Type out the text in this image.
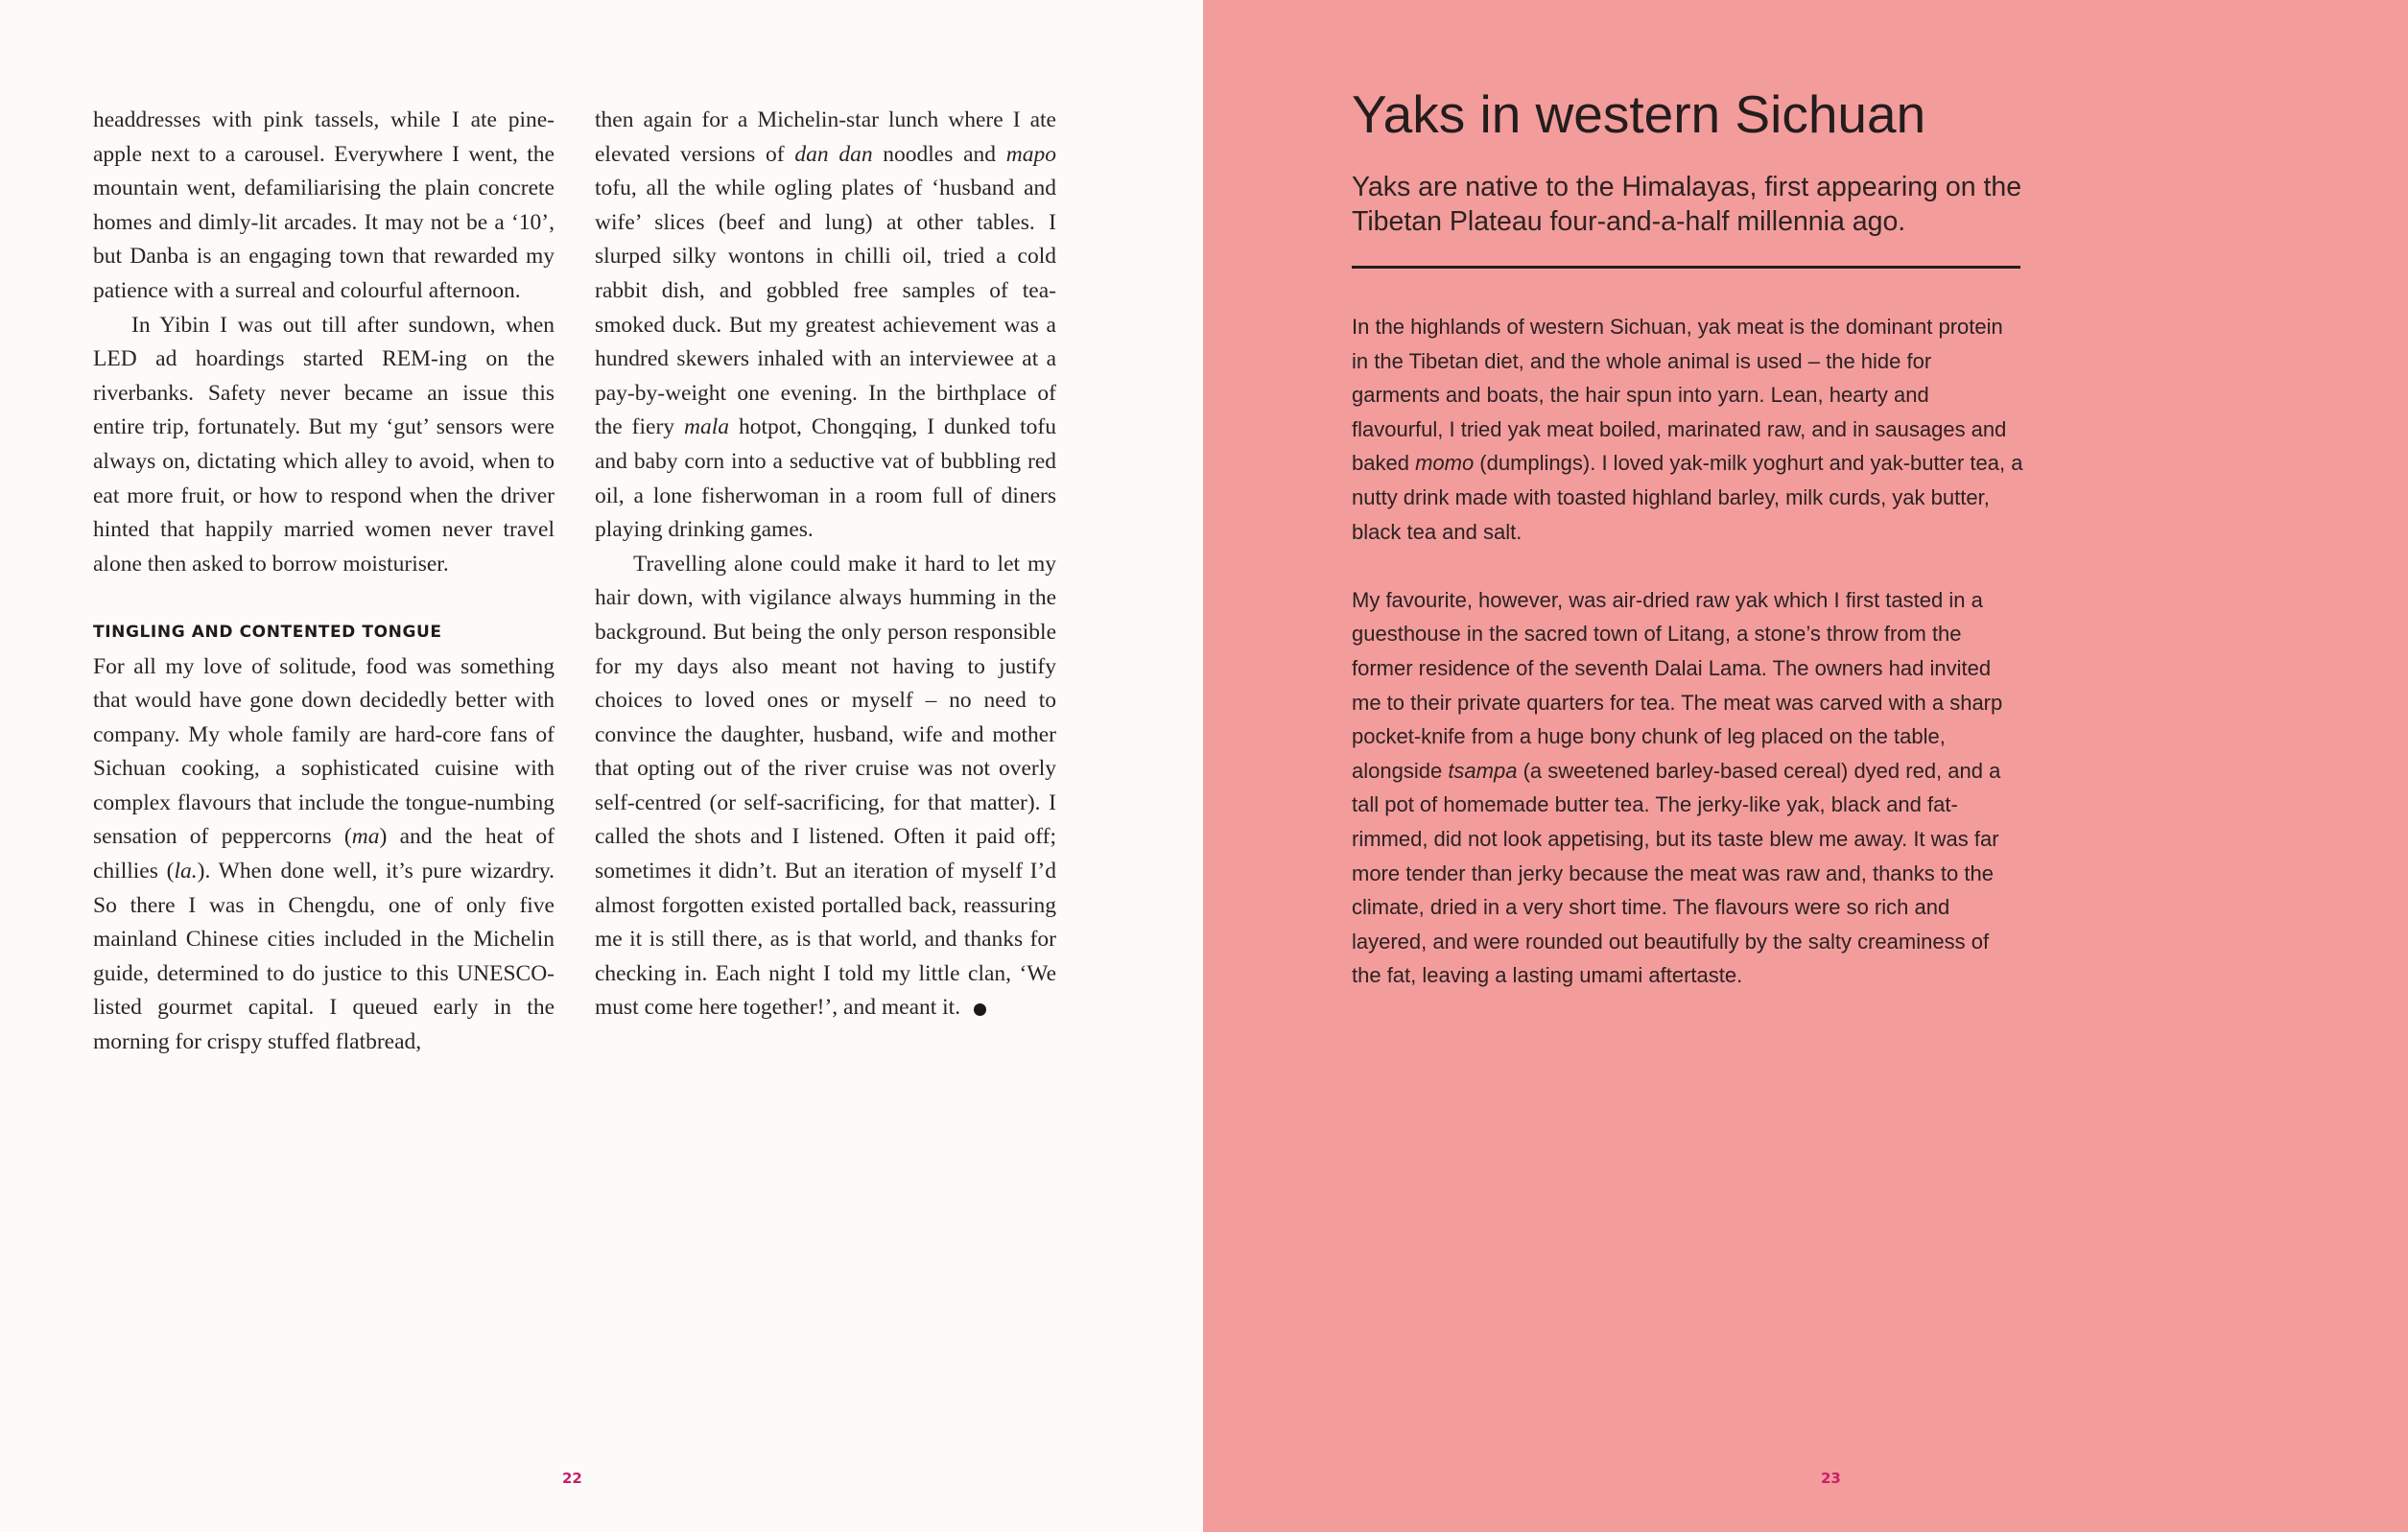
headdresses with pink tassels, while I ate pineapple next to a carousel. Everywhere I went, the mountain went, defamiliarising the plain concrete homes and dimly-lit arcades. It may not be a ‘10’, but Danba is an engaging town that rewarded my patience with a surreal and colourful afternoon.

In Yibin I was out till after sundown, when LED ad hoardings started REM-ing on the riverbanks. Safety never became an issue this entire trip, fortunately. But my ‘gut’ sensors were always on, dictating which alley to avoid, when to eat more fruit, or how to respond when the driver hinted that happily married women never travel alone then asked to borrow moisturiser.

TINGLING AND CONTENTED TONGUE

For all my love of solitude, food was something that would have gone down decidedly better with company. My whole family are hard-core fans of Sichuan cooking, a sophisticated cuisine with complex flavours that include the tongue-numbing sensation of peppercorns (ma) and the heat of chillies (la.). When done well, it’s pure wizardry. So there I was in Chengdu, one of only five mainland Chinese cities included in the Michelin guide, determined to do justice to this UNESCO-listed gourmet capital. I queued early in the morning for crispy stuffed flatbread,

then again for a Michelin-star lunch where I ate elevated versions of dan dan noodles and mapo tofu, all the while ogling plates of ‘husband and wife’ slices (beef and lung) at other tables. I slurped silky wontons in chilli oil, tried a cold rabbit dish, and gobbled free samples of tea-smoked duck. But my greatest achievement was a hundred skewers inhaled with an interviewee at a pay-by-weight one evening. In the birthplace of the fiery mala hotpot, Chongqing, I dunked tofu and baby corn into a seductive vat of bubbling red oil, a lone fisherwoman in a room full of diners playing drinking games.

Travelling alone could make it hard to let my hair down, with vigilance always humming in the background. But being the only person responsible for my days also meant not having to justify choices to loved ones or myself – no need to convince the daughter, husband, wife and mother that opting out of the river cruise was not overly self-centred (or self-sacrificing, for that matter). I called the shots and I listened. Often it paid off; sometimes it didn’t. But an iteration of myself I’d almost forgotten existed portalled back, reassuring me it is still there, as is that world, and thanks for checking in. Each night I told my little clan, ‘We must come here together!’, and meant it.

22
Yaks in western Sichuan

Yaks are native to the Himalayas, first appearing on the Tibetan Plateau four-and-a-half millennia ago.

In the highlands of western Sichuan, yak meat is the dominant protein in the Tibetan diet, and the whole animal is used – the hide for garments and boats, the hair spun into yarn. Lean, hearty and flavourful, I tried yak meat boiled, marinated raw, and in sausages and baked momo (dumplings). I loved yak-milk yoghurt and yak-butter tea, a nutty drink made with toasted highland barley, milk curds, yak butter, black tea and salt.

My favourite, however, was air-dried raw yak which I first tasted in a guesthouse in the sacred town of Litang, a stone’s throw from the former residence of the seventh Dalai Lama. The owners had invited me to their private quarters for tea. The meat was carved with a sharp pocket-knife from a huge bony chunk of leg placed on the table, alongside tsampa (a sweetened barley-based cereal) dyed red, and a tall pot of homemade butter tea. The jerky-like yak, black and fat-rimmed, did not look appetising, but its taste blew me away. It was far more tender than jerky because the meat was raw and, thanks to the climate, dried in a very short time. The flavours were so rich and layered, and were rounded out beautifully by the salty creaminess of the fat, leaving a lasting umami aftertaste.

23
